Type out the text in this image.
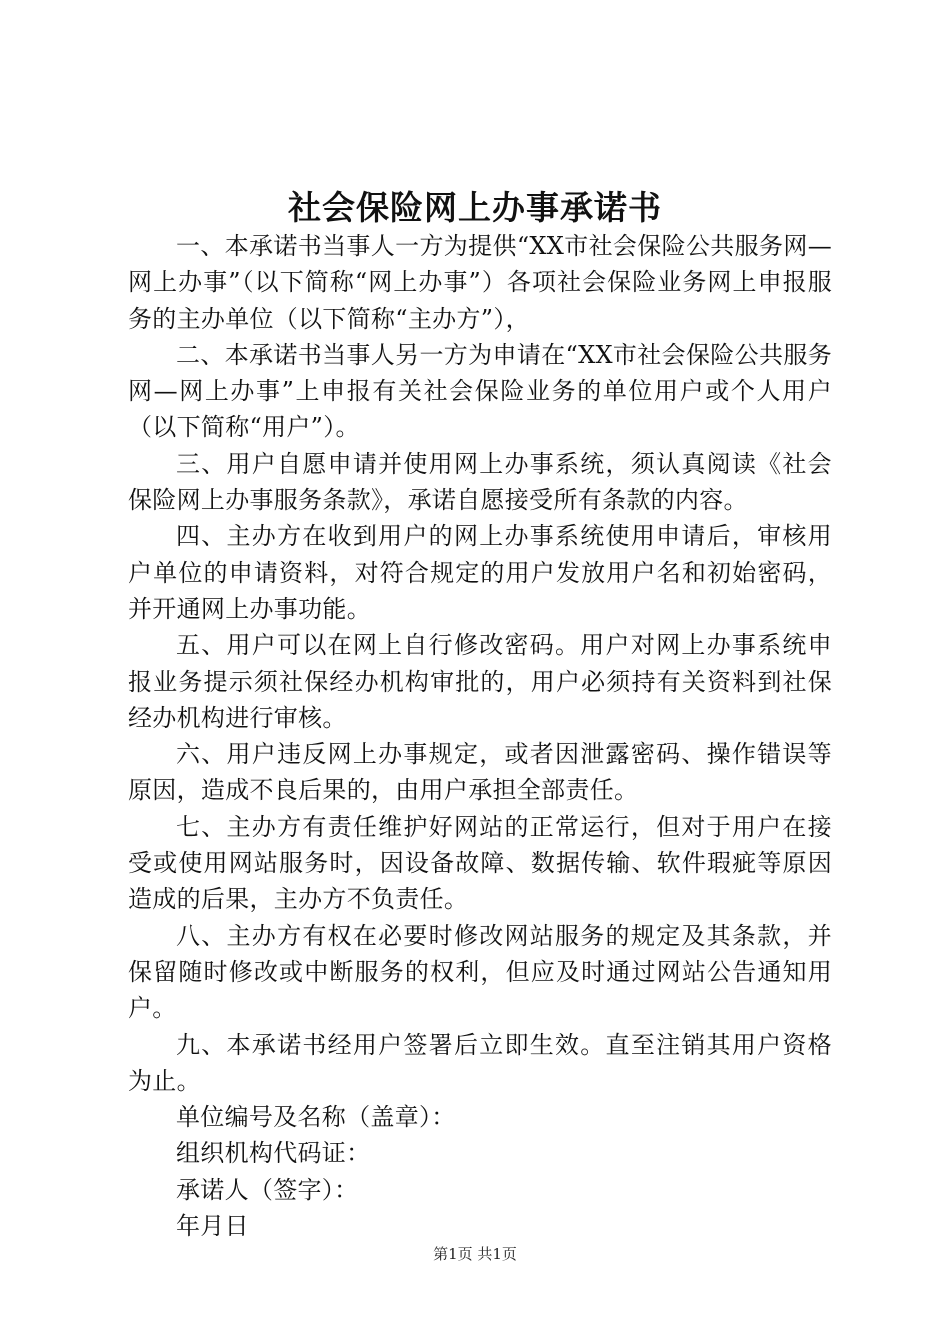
社会保险网上办事承诺书

一、本承诺书当事人一方为提供“XX市社会保险公共服务网—网上办事”（以下简称“网上办事”）各项社会保险业务网上申报服务的主办单位（以下简称“主办方”），

二、本承诺书当事人另一方为申请在“XX市社会保险公共服务网—网上办事”上申报有关社会保险业务的单位用户或个人用户（以下简称“用户”）。

三、用户自愿申请并使用网上办事系统，须认真阅读《社会保险网上办事服务条款》，承诺自愿接受所有条款的内容。

四、主办方在收到用户的网上办事系统使用申请后，审核用户单位的申请资料，对符合规定的用户发放用户名和初始密码，并开通网上办事功能。

五、用户可以在网上自行修改密码。用户对网上办事系统申报业务提示须社保经办机构审批的，用户必须持有关资料到社保经办机构进行审核。

六、用户违反网上办事规定，或者因泄露密码、操作错误等原因，造成不良后果的，由用户承担全部责任。

七、主办方有责任维护好网站的正常运行，但对于用户在接受或使用网站服务时，因设备故障、数据传输、软件瑕疵等原因造成的后果，主办方不负责任。

八、主办方有权在必要时修改网站服务的规定及其条款，并保留随时修改或中断服务的权利，但应及时通过网站公告通知用户。

九、本承诺书经用户签署后立即生效。直至注销其用户资格为止。

单位编号及名称（盖章）：

组织机构代码证：

承诺人（签字）：

年月日

第1页 共1页
